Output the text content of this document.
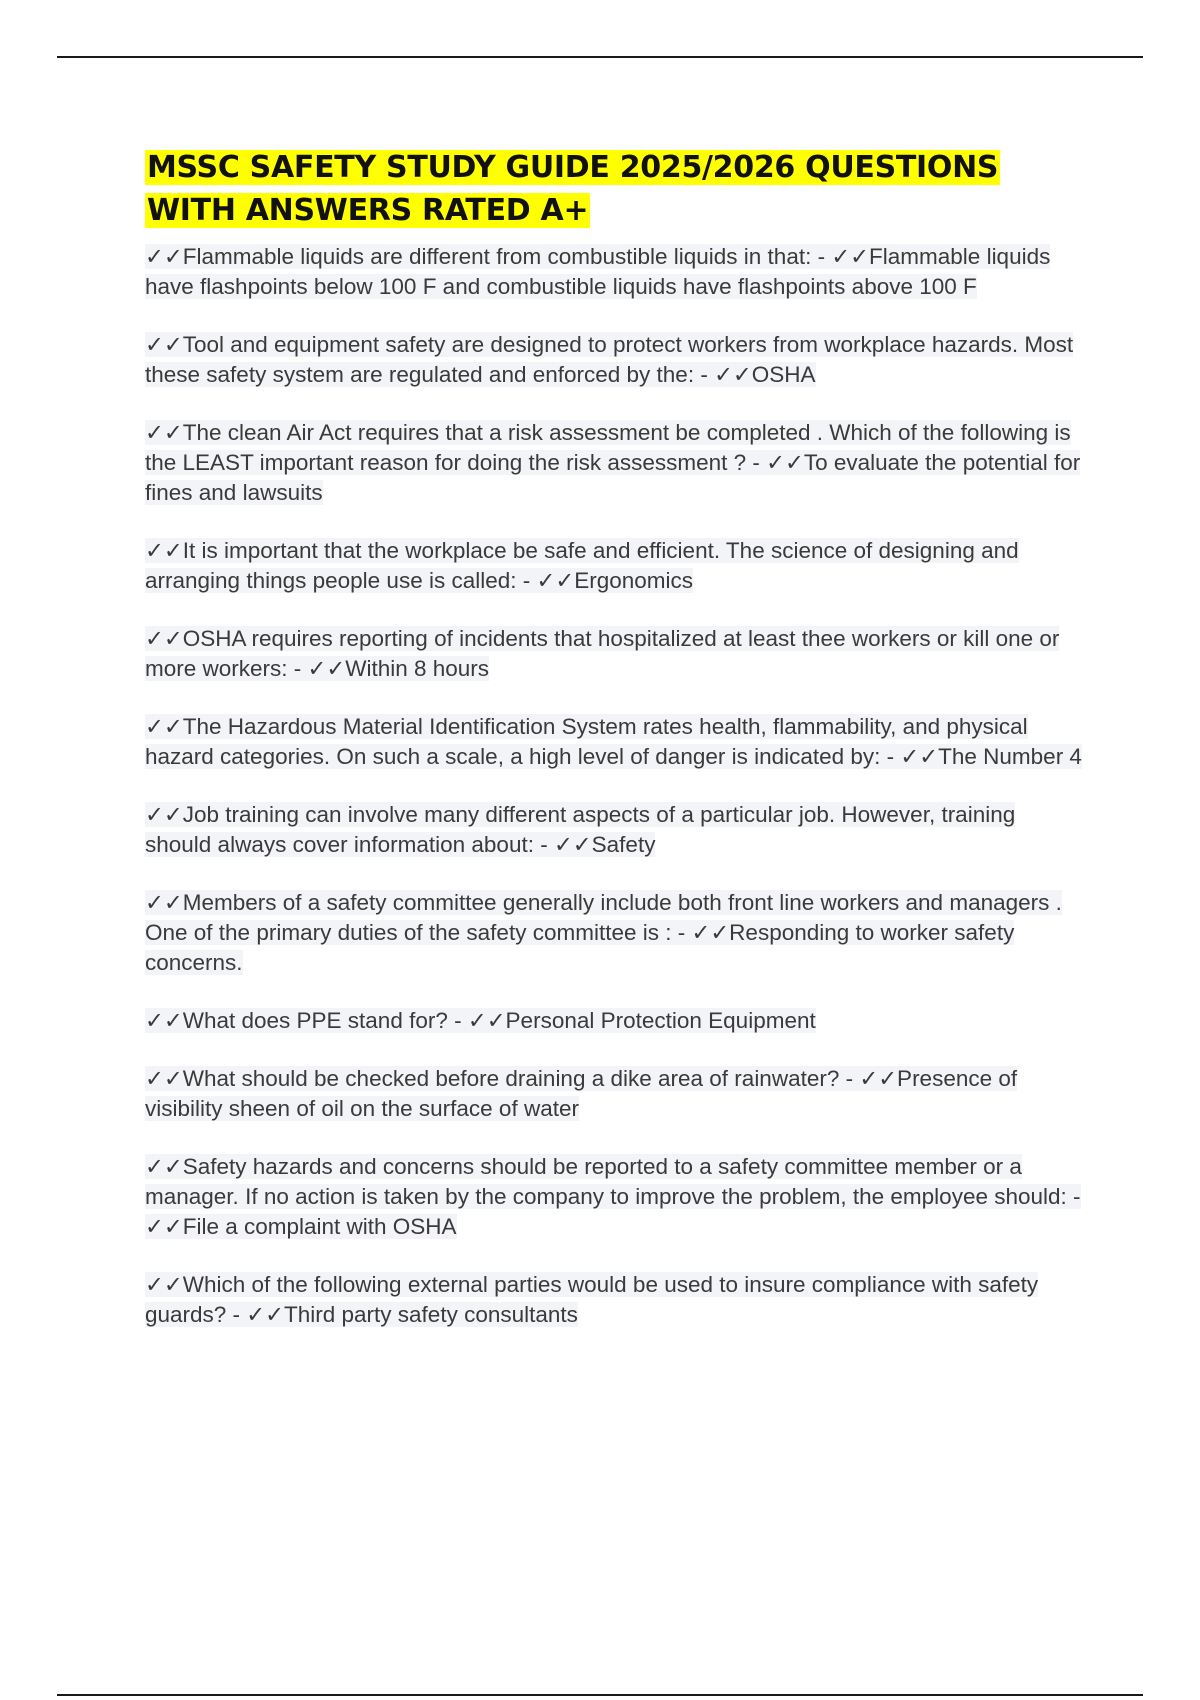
MSSC SAFETY STUDY GUIDE 2025/2026 QUESTIONS WITH ANSWERS RATED A+

✓✓Flammable liquids are different from combustible liquids in that: - ✓✓Flammable liquids have flashpoints below 100 F and combustible liquids have flashpoints above 100 F

✓✓Tool and equipment safety are designed to protect workers from workplace hazards. Most these safety system are regulated and enforced by the: - ✓✓OSHA

✓✓The clean Air Act requires that a risk assessment be completed . Which of the following is the LEAST important reason for doing the risk assessment ? - ✓✓To evaluate the potential for fines and lawsuits

✓✓It is important that the workplace be safe and efficient. The science of designing and arranging things people use is called: - ✓✓Ergonomics

✓✓OSHA requires reporting of incidents that hospitalized at least thee workers or kill one or more workers: - ✓✓Within 8 hours

✓✓The Hazardous Material Identification System rates health, flammability, and physical hazard categories. On such a scale, a high level of danger is indicated by: - ✓✓The Number 4

✓✓Job training can involve many different aspects of a particular job. However, training should always cover information about: - ✓✓Safety

✓✓Members of a safety committee generally include both front line workers and managers . One of the primary duties of the safety committee is : - ✓✓Responding to worker safety concerns.

✓✓What does PPE stand for? - ✓✓Personal Protection Equipment

✓✓What should be checked before draining a dike area of rainwater? - ✓✓Presence of visibility sheen of oil on the surface of water

✓✓Safety hazards and concerns should be reported to a safety committee member or a manager. If no action is taken by the company to improve the problem, the employee should: - ✓✓File a complaint with OSHA

✓✓Which of the following external parties would be used to insure compliance with safety guards? - ✓✓Third party safety consultants
